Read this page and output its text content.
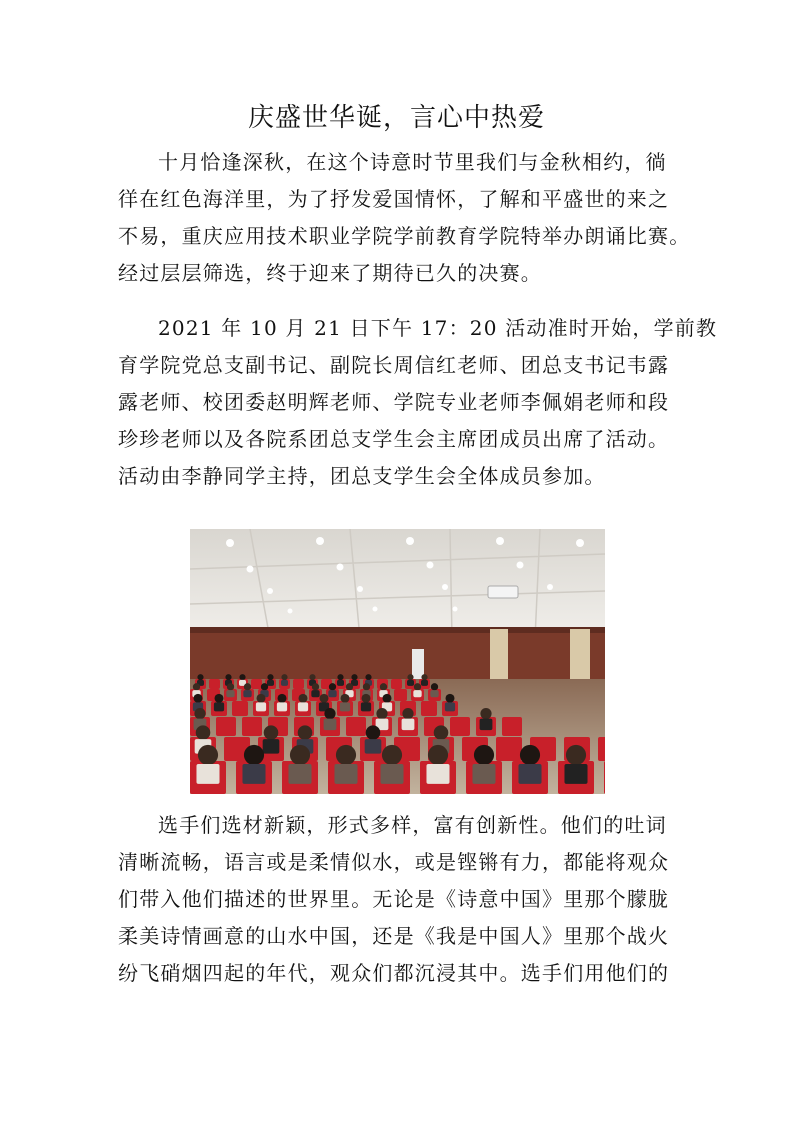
庆盛世华诞，言心中热爱
十月恰逢深秋，在这个诗意时节里我们与金秋相约，徜
徉在红色海洋里，为了抒发爱国情怀，了解和平盛世的来之
不易，重庆应用技术职业学院学前教育学院特举办朗诵比赛。
经过层层筛选，终于迎来了期待已久的决赛。
2021 年 10 月 21 日下午 17：20 活动准时开始，学前教
育学院党总支副书记、副院长周信红老师、团总支书记韦露
露老师、校团委赵明辉老师、学院专业老师李佩娟老师和段
珍珍老师以及各院系团总支学生会主席团成员出席了活动。
活动由李静同学主持，团总支学生会全体成员参加。
选手们选材新颖，形式多样，富有创新性。他们的吐词
清晰流畅，语言或是柔情似水，或是铿锵有力，都能将观众
们带入他们描述的世界里。无论是《诗意中国》里那个朦胧
柔美诗情画意的山水中国，还是《我是中国人》里那个战火
纷飞硝烟四起的年代，观众们都沉浸其中。选手们用他们的
